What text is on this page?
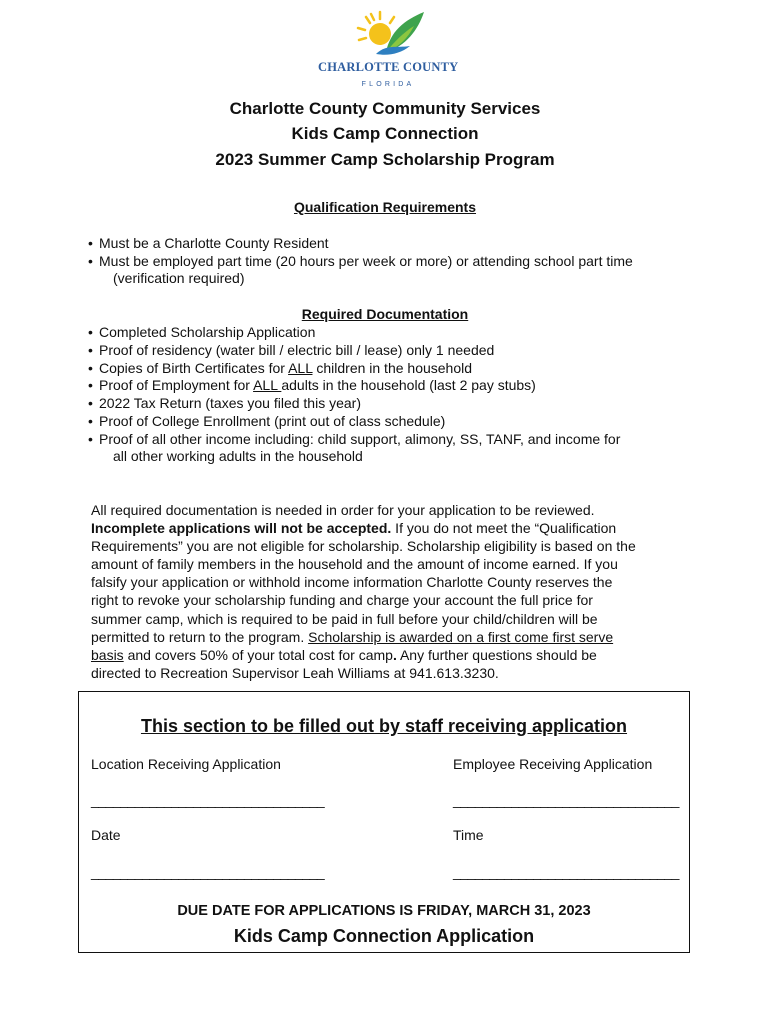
CHARLOTTE COUNTY
FLORIDA
Charlotte County Community Services
Kids Camp Connection
2023 Summer Camp Scholarship Program
Qualification Requirements
• Must be a Charlotte County Resident
• Must be employed part time (20 hours per week or more) or attending school part time
(verification required)
Required Documentation
• Completed Scholarship Application
• Proof of residency (water bill / electric bill / lease) only 1 needed
• Copies of Birth Certificates for ALL children in the household
• Proof of Employment for ALL adults in the household (last 2 pay stubs)
• 2022 Tax Return (taxes you filed this year)
• Proof of College Enrollment (print out of class schedule)
• Proof of all other income including: child support, alimony, SS, TANF, and income for
all other working adults in the household
All required documentation is needed in order for your application to be reviewed.
Incomplete applications will not be accepted. If you do not meet the “Qualification
Requirements” you are not eligible for scholarship. Scholarship eligibility is based on the
amount of family members in the household and the amount of income earned. If you
falsify your application or withhold income information Charlotte County reserves the
right to revoke your scholarship funding and charge your account the full price for
summer camp, which is required to be paid in full before your child/children will be
permitted to return to the program. Scholarship is awarded on a first come first serve
basis and covers 50% of your total cost for camp. Any further questions should be
directed to Recreation Supervisor Leah Williams at 941.613.3230.
This section to be filled out by staff receiving application
Location Receiving Application	Employee Receiving Application
________________________________	_______________________________
Date	Time
________________________________	_______________________________
DUE DATE FOR APPLICATIONS IS FRIDAY, MARCH 31, 2023
Kids Camp Connection Application
